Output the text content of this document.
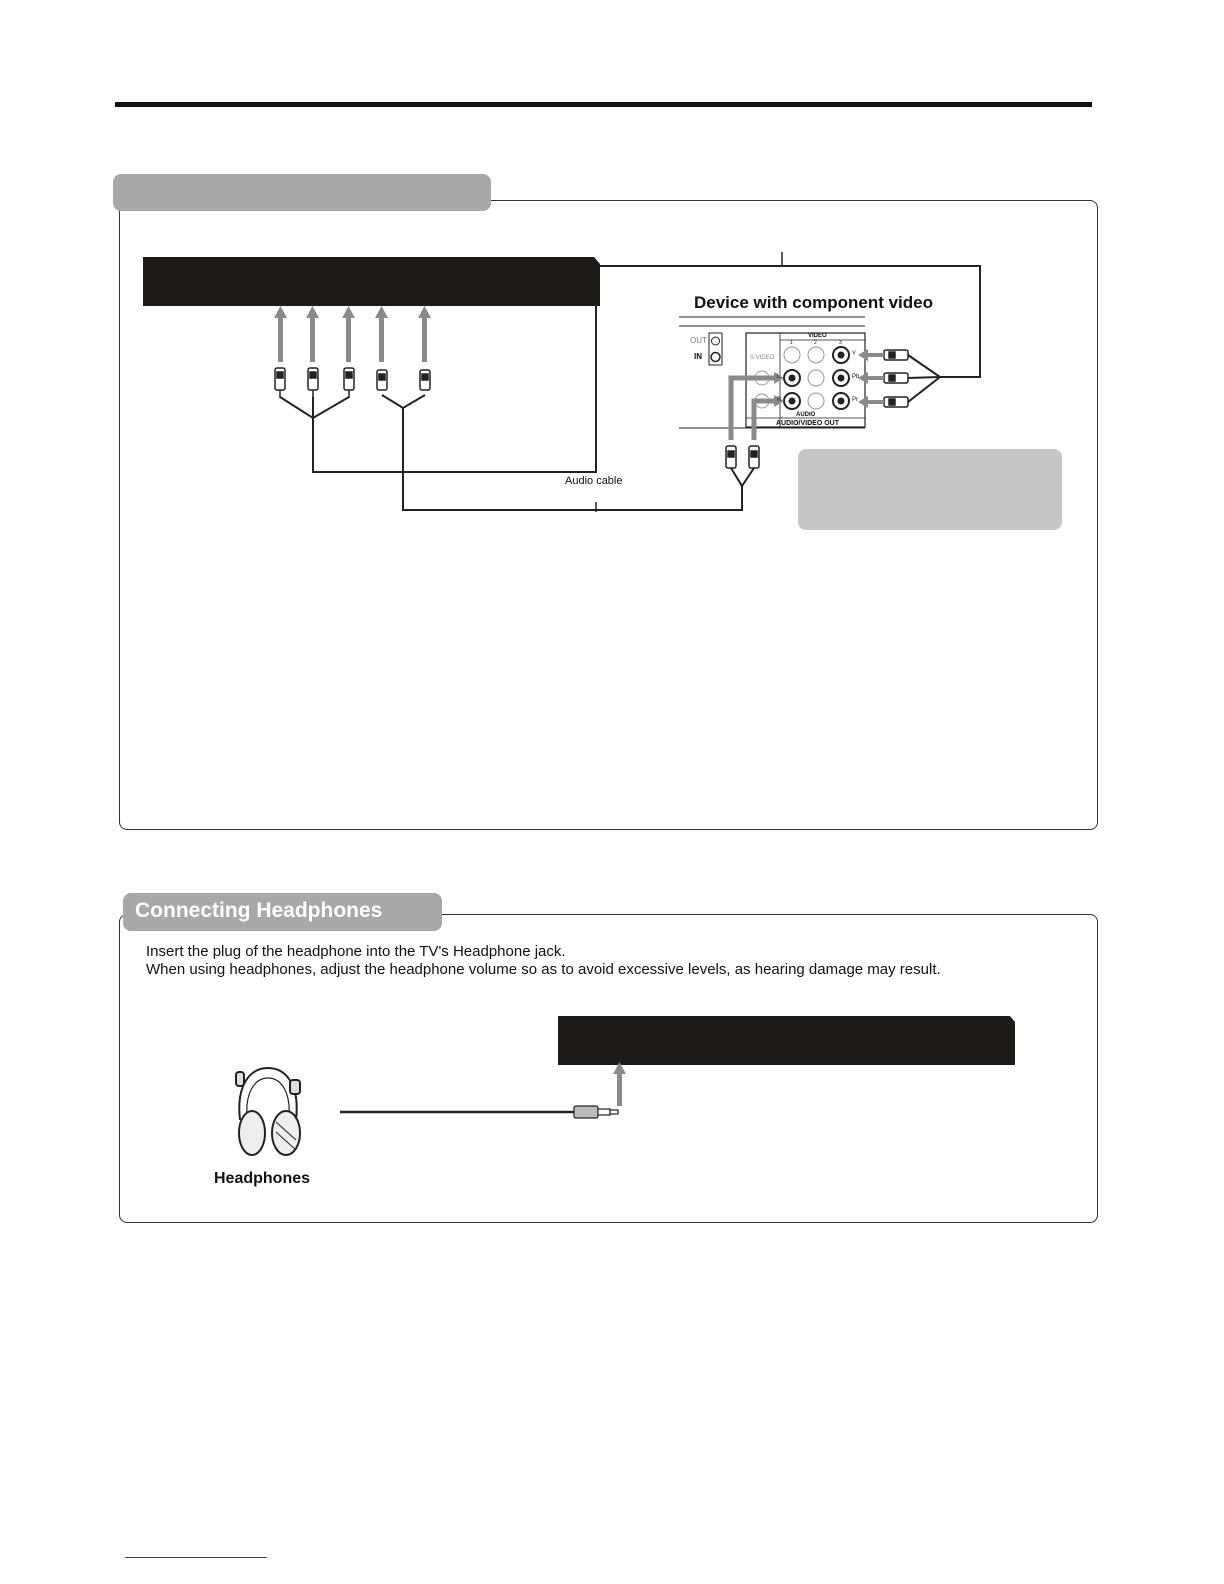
Device with component video
OUT
IN
VIDEO
S VIDEO
AUDIO
AUDIO/VIDEO OUT
1	2	3
L
R
Y
Pb
Pr
Audio cable
Connecting Headphones
Insert the plug of the headphone into the TV's Headphone jack.
When using headphones, adjust the headphone volume so as to avoid excessive levels, as hearing damage may result.
Headphones
